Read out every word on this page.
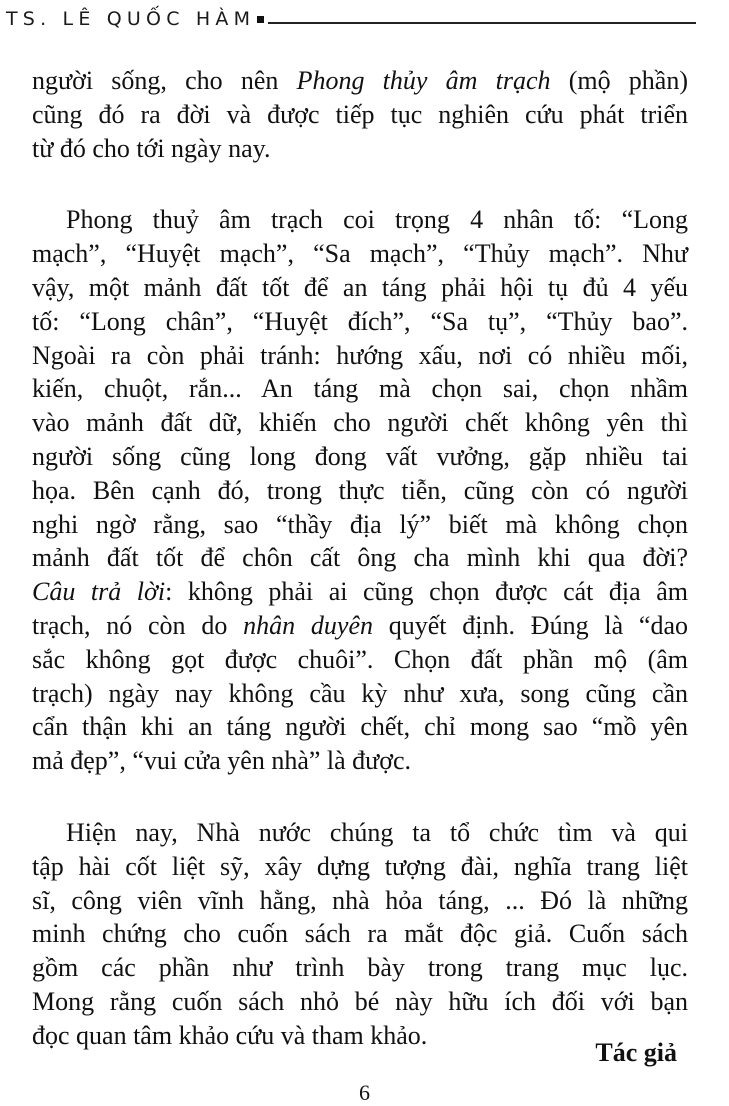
TS. LÊ QUỐC HÀM
người sống, cho nên Phong thủy âm trạch (mộ phần)
cũng đó ra đời và được tiếp tục nghiên cứu phát triển
từ đó cho tới ngày nay.
Phong thuỷ âm trạch coi trọng 4 nhân tố: “Long
mạch”, “Huyệt mạch”, “Sa mạch”, “Thủy mạch”. Như
vậy, một mảnh đất tốt để an táng phải hội tụ đủ 4 yếu
tố: “Long chân”, “Huyệt đích”, “Sa tụ”, “Thủy bao”.
Ngoài ra còn phải tránh: hướng xấu, nơi có nhiều mối,
kiến, chuột, rắn... An táng mà chọn sai, chọn nhầm
vào mảnh đất dữ, khiến cho người chết không yên thì
người sống cũng long đong vất vưởng, gặp nhiều tai
họa. Bên cạnh đó, trong thực tiễn, cũng còn có người
nghi ngờ rằng, sao “thầy địa lý” biết mà không chọn
mảnh đất tốt để chôn cất ông cha mình khi qua đời?
Câu trả lời: không phải ai cũng chọn được cát địa âm
trạch, nó còn do nhân duyên quyết định. Đúng là “dao
sắc không gọt được chuôi”. Chọn đất phần mộ (âm
trạch) ngày nay không cầu kỳ như xưa, song cũng cần
cẩn thận khi an táng người chết, chỉ mong sao “mồ yên
mả đẹp”, “vui cửa yên nhà” là được.
Hiện nay, Nhà nước chúng ta tổ chức tìm và qui
tập hài cốt liệt sỹ, xây dựng tượng đài, nghĩa trang liệt
sĩ, công viên vĩnh hằng, nhà hỏa táng, ... Đó là những
minh chứng cho cuốn sách ra mắt độc giả. Cuốn sách
gồm các phần như trình bày trong trang mục lục.
Mong rằng cuốn sách nhỏ bé này hữu ích đối với bạn
đọc quan tâm khảo cứu và tham khảo.
Tác giả
6
